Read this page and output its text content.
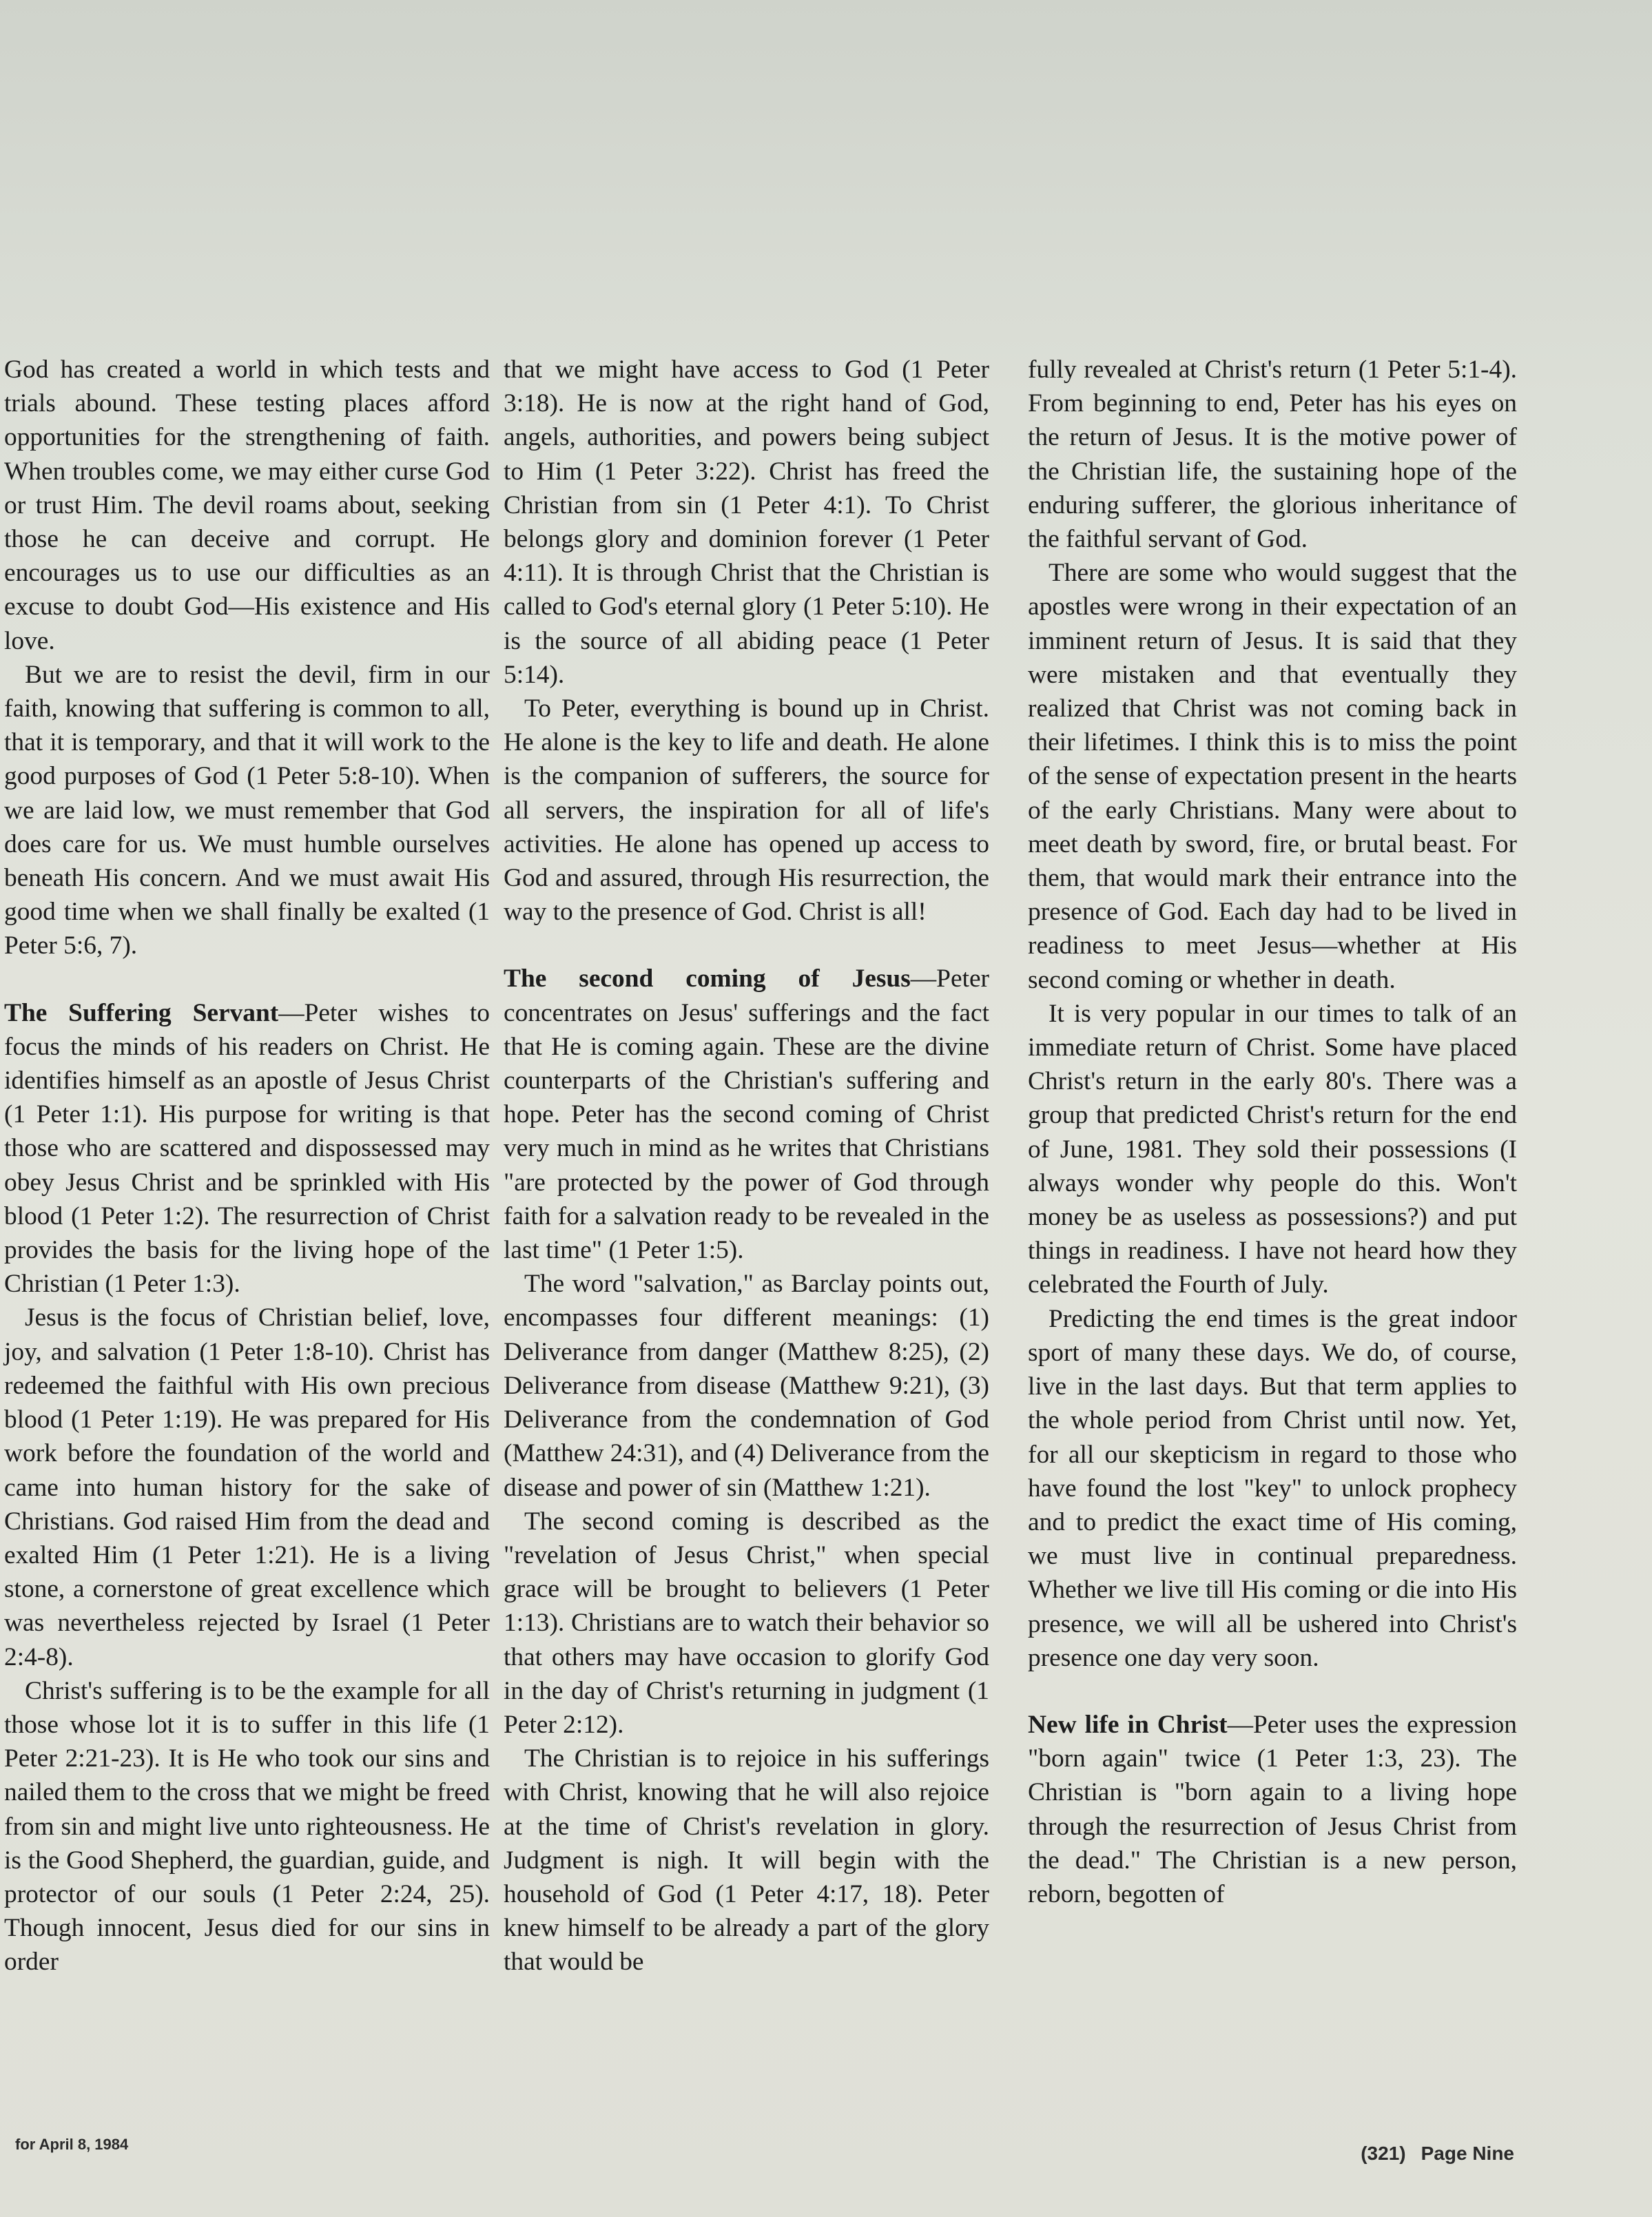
God has created a world in which tests and trials abound. These testing places afford opportunities for the strengthening of faith. When troubles come, we may either curse God or trust Him. The devil roams about, seeking those he can deceive and corrupt. He encourages us to use our difficulties as an excuse to doubt God—His existence and His love.

But we are to resist the devil, firm in our faith, knowing that suffering is common to all, that it is temporary, and that it will work to the good purposes of God (1 Peter 5:8-10). When we are laid low, we must remember that God does care for us. We must humble ourselves beneath His concern. And we must await His good time when we shall finally be exalted (1 Peter 5:6, 7).

The Suffering Servant—Peter wishes to focus the minds of his readers on Christ. He identifies himself as an apostle of Jesus Christ (1 Peter 1:1). His purpose for writing is that those who are scattered and dispossessed may obey Jesus Christ and be sprinkled with His blood (1 Peter 1:2). The resurrection of Christ provides the basis for the living hope of the Christian (1 Peter 1:3).

Jesus is the focus of Christian belief, love, joy, and salvation (1 Peter 1:8-10). Christ has redeemed the faithful with His own precious blood (1 Peter 1:19). He was prepared for His work before the foundation of the world and came into human history for the sake of Christians. God raised Him from the dead and exalted Him (1 Peter 1:21). He is a living stone, a cornerstone of great excellence which was nevertheless rejected by Israel (1 Peter 2:4-8).

Christ's suffering is to be the example for all those whose lot it is to suffer in this life (1 Peter 2:21-23). It is He who took our sins and nailed them to the cross that we might be freed from sin and might live unto righteousness. He is the Good Shepherd, the guardian, guide, and protector of our souls (1 Peter 2:24, 25). Though innocent, Jesus died for our sins in order

that we might have access to God (1 Peter 3:18). He is now at the right hand of God, angels, authorities, and powers being subject to Him (1 Peter 3:22). Christ has freed the Christian from sin (1 Peter 4:1). To Christ belongs glory and dominion forever (1 Peter 4:11). It is through Christ that the Christian is called to God's eternal glory (1 Peter 5:10). He is the source of all abiding peace (1 Peter 5:14).

To Peter, everything is bound up in Christ. He alone is the key to life and death. He alone is the companion of sufferers, the source for all servers, the inspiration for all of life's activities. He alone has opened up access to God and assured, through His resurrection, the way to the presence of God. Christ is all!

The second coming of Jesus—Peter concentrates on Jesus' sufferings and the fact that He is coming again. These are the divine counterparts of the Christian's suffering and hope. Peter has the second coming of Christ very much in mind as he writes that Christians "are protected by the power of God through faith for a salvation ready to be revealed in the last time" (1 Peter 1:5).

The word "salvation," as Barclay points out, encompasses four different meanings: (1) Deliverance from danger (Matthew 8:25), (2) Deliverance from disease (Matthew 9:21), (3) Deliverance from the condemnation of God (Matthew 24:31), and (4) Deliverance from the disease and power of sin (Matthew 1:21).

The second coming is described as the "revelation of Jesus Christ," when special grace will be brought to believers (1 Peter 1:13). Christians are to watch their behavior so that others may have occasion to glorify God in the day of Christ's returning in judgment (1 Peter 2:12).

The Christian is to rejoice in his sufferings with Christ, knowing that he will also rejoice at the time of Christ's revelation in glory. Judgment is nigh. It will begin with the household of God (1 Peter 4:17, 18). Peter knew himself to be already a part of the glory that would be

fully revealed at Christ's return (1 Peter 5:1-4). From beginning to end, Peter has his eyes on the return of Jesus. It is the motive power of the Christian life, the sustaining hope of the enduring sufferer, the glorious inheritance of the faithful servant of God.

There are some who would suggest that the apostles were wrong in their expectation of an imminent return of Jesus. It is said that they were mistaken and that eventually they realized that Christ was not coming back in their lifetimes. I think this is to miss the point of the sense of expectation present in the hearts of the early Christians. Many were about to meet death by sword, fire, or brutal beast. For them, that would mark their entrance into the presence of God. Each day had to be lived in readiness to meet Jesus—whether at His second coming or whether in death.

It is very popular in our times to talk of an immediate return of Christ. Some have placed Christ's return in the early 80's. There was a group that predicted Christ's return for the end of June, 1981. They sold their possessions (I always wonder why people do this. Won't money be as useless as possessions?) and put things in readiness. I have not heard how they celebrated the Fourth of July.

Predicting the end times is the great indoor sport of many these days. We do, of course, live in the last days. But that term applies to the whole period from Christ until now. Yet, for all our skepticism in regard to those who have found the lost "key" to unlock prophecy and to predict the exact time of His coming, we must live in continual preparedness. Whether we live till His coming or die into His presence, we will all be ushered into Christ's presence one day very soon.

New life in Christ—Peter uses the expression "born again" twice (1 Peter 1:3, 23). The Christian is "born again to a living hope through the resurrection of Jesus Christ from the dead." The Christian is a new person, reborn, begotten of

for April 8, 1984	(321) Page Nine
